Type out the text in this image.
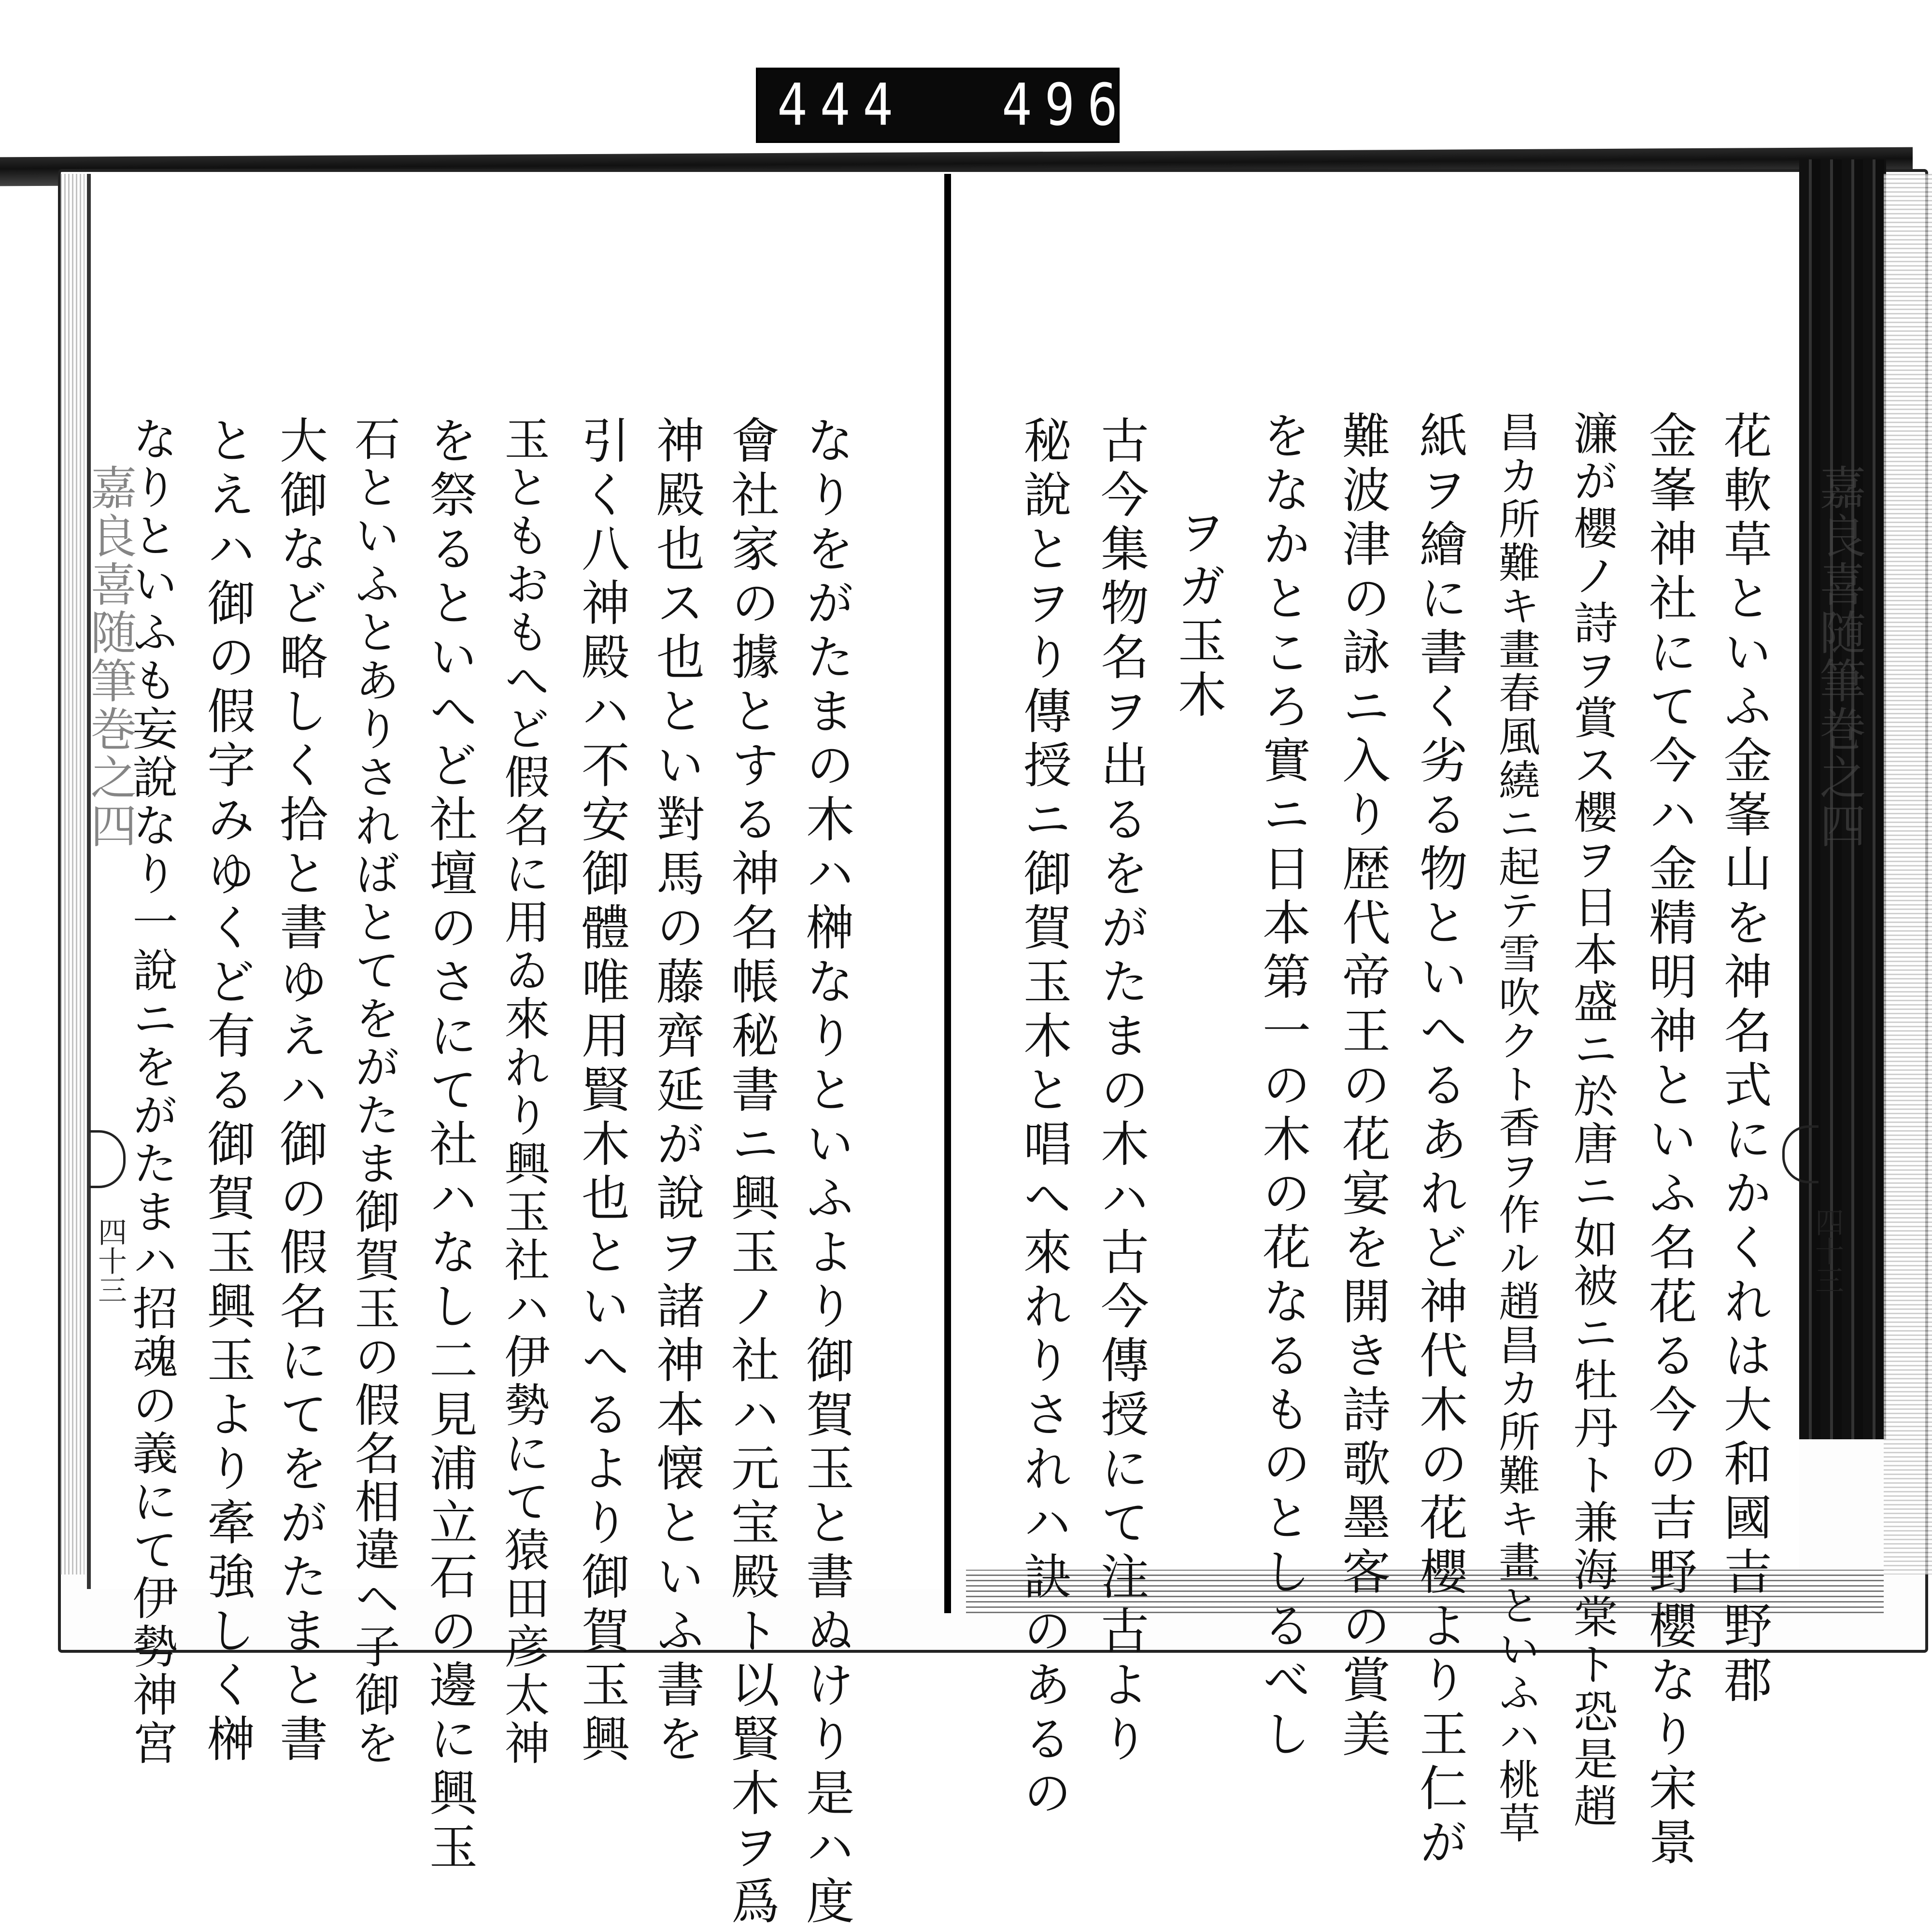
444 496.
嘉良喜随筆巻之四
嘉良喜随筆巻之四
四十三
四十三	花軟草といふ金峯山を神名式にかくれは大和國吉野郡
金峯神社にて今ハ金精明神といふ名花る今の吉野櫻なり宋景
濂が櫻ノ詩ヲ賞ス櫻ヲ日本盛ニ於唐ニ如被ニ牡丹ト兼海棠ト恐是趙
昌カ所難キ畫春風繞ニ起テ雪吹クト香ヲ作ル趙昌カ所難キ畫といふハ桃草
紙ヲ繪に書く劣る物といへるあれど神代木の花櫻より王仁が
難波津の詠ニ入り歴代帝王の花宴を開き詩歌墨客の賞美
をなかところ實ニ日本第一の木の花なるものとしるべし
ヲガ玉木
古今集物名ヲ出るをがたまの木ハ古今傳授にて注古より
秘說とヲり傳授ニ御賀玉木と唱へ來れりされハ訣のあるの
なりをがたまの木ハ榊なりといふより御賀玉と書ぬけり是ハ度
會社家の據とする神名帳秘書ニ興玉ノ社ハ元宝殿ト以賢木ヲ爲
神殿也ス也とい對馬の藤齊延が說ヲ諸神本懐といふ書を
引く八神殿ハ不安御體唯用賢木也といへるより御賀玉興
玉ともおもへど假名に用ゐ來れり興玉社ハ伊勢にて猿田彦太神
を祭るといへど社壇のさにて社ハなし二見浦立石の邊に興玉
石といふとありさればとてをがたま御賀玉の假名相違ヘ子御を
大御など略しく拾と書ゆえハ御の假名にてをがたまと書
とえハ御の假字みゆくど有る御賀玉興玉より牽強しく榊
なりといふも妄說なり一說ニをがたまハ招魂の義にて伊勢神宮
